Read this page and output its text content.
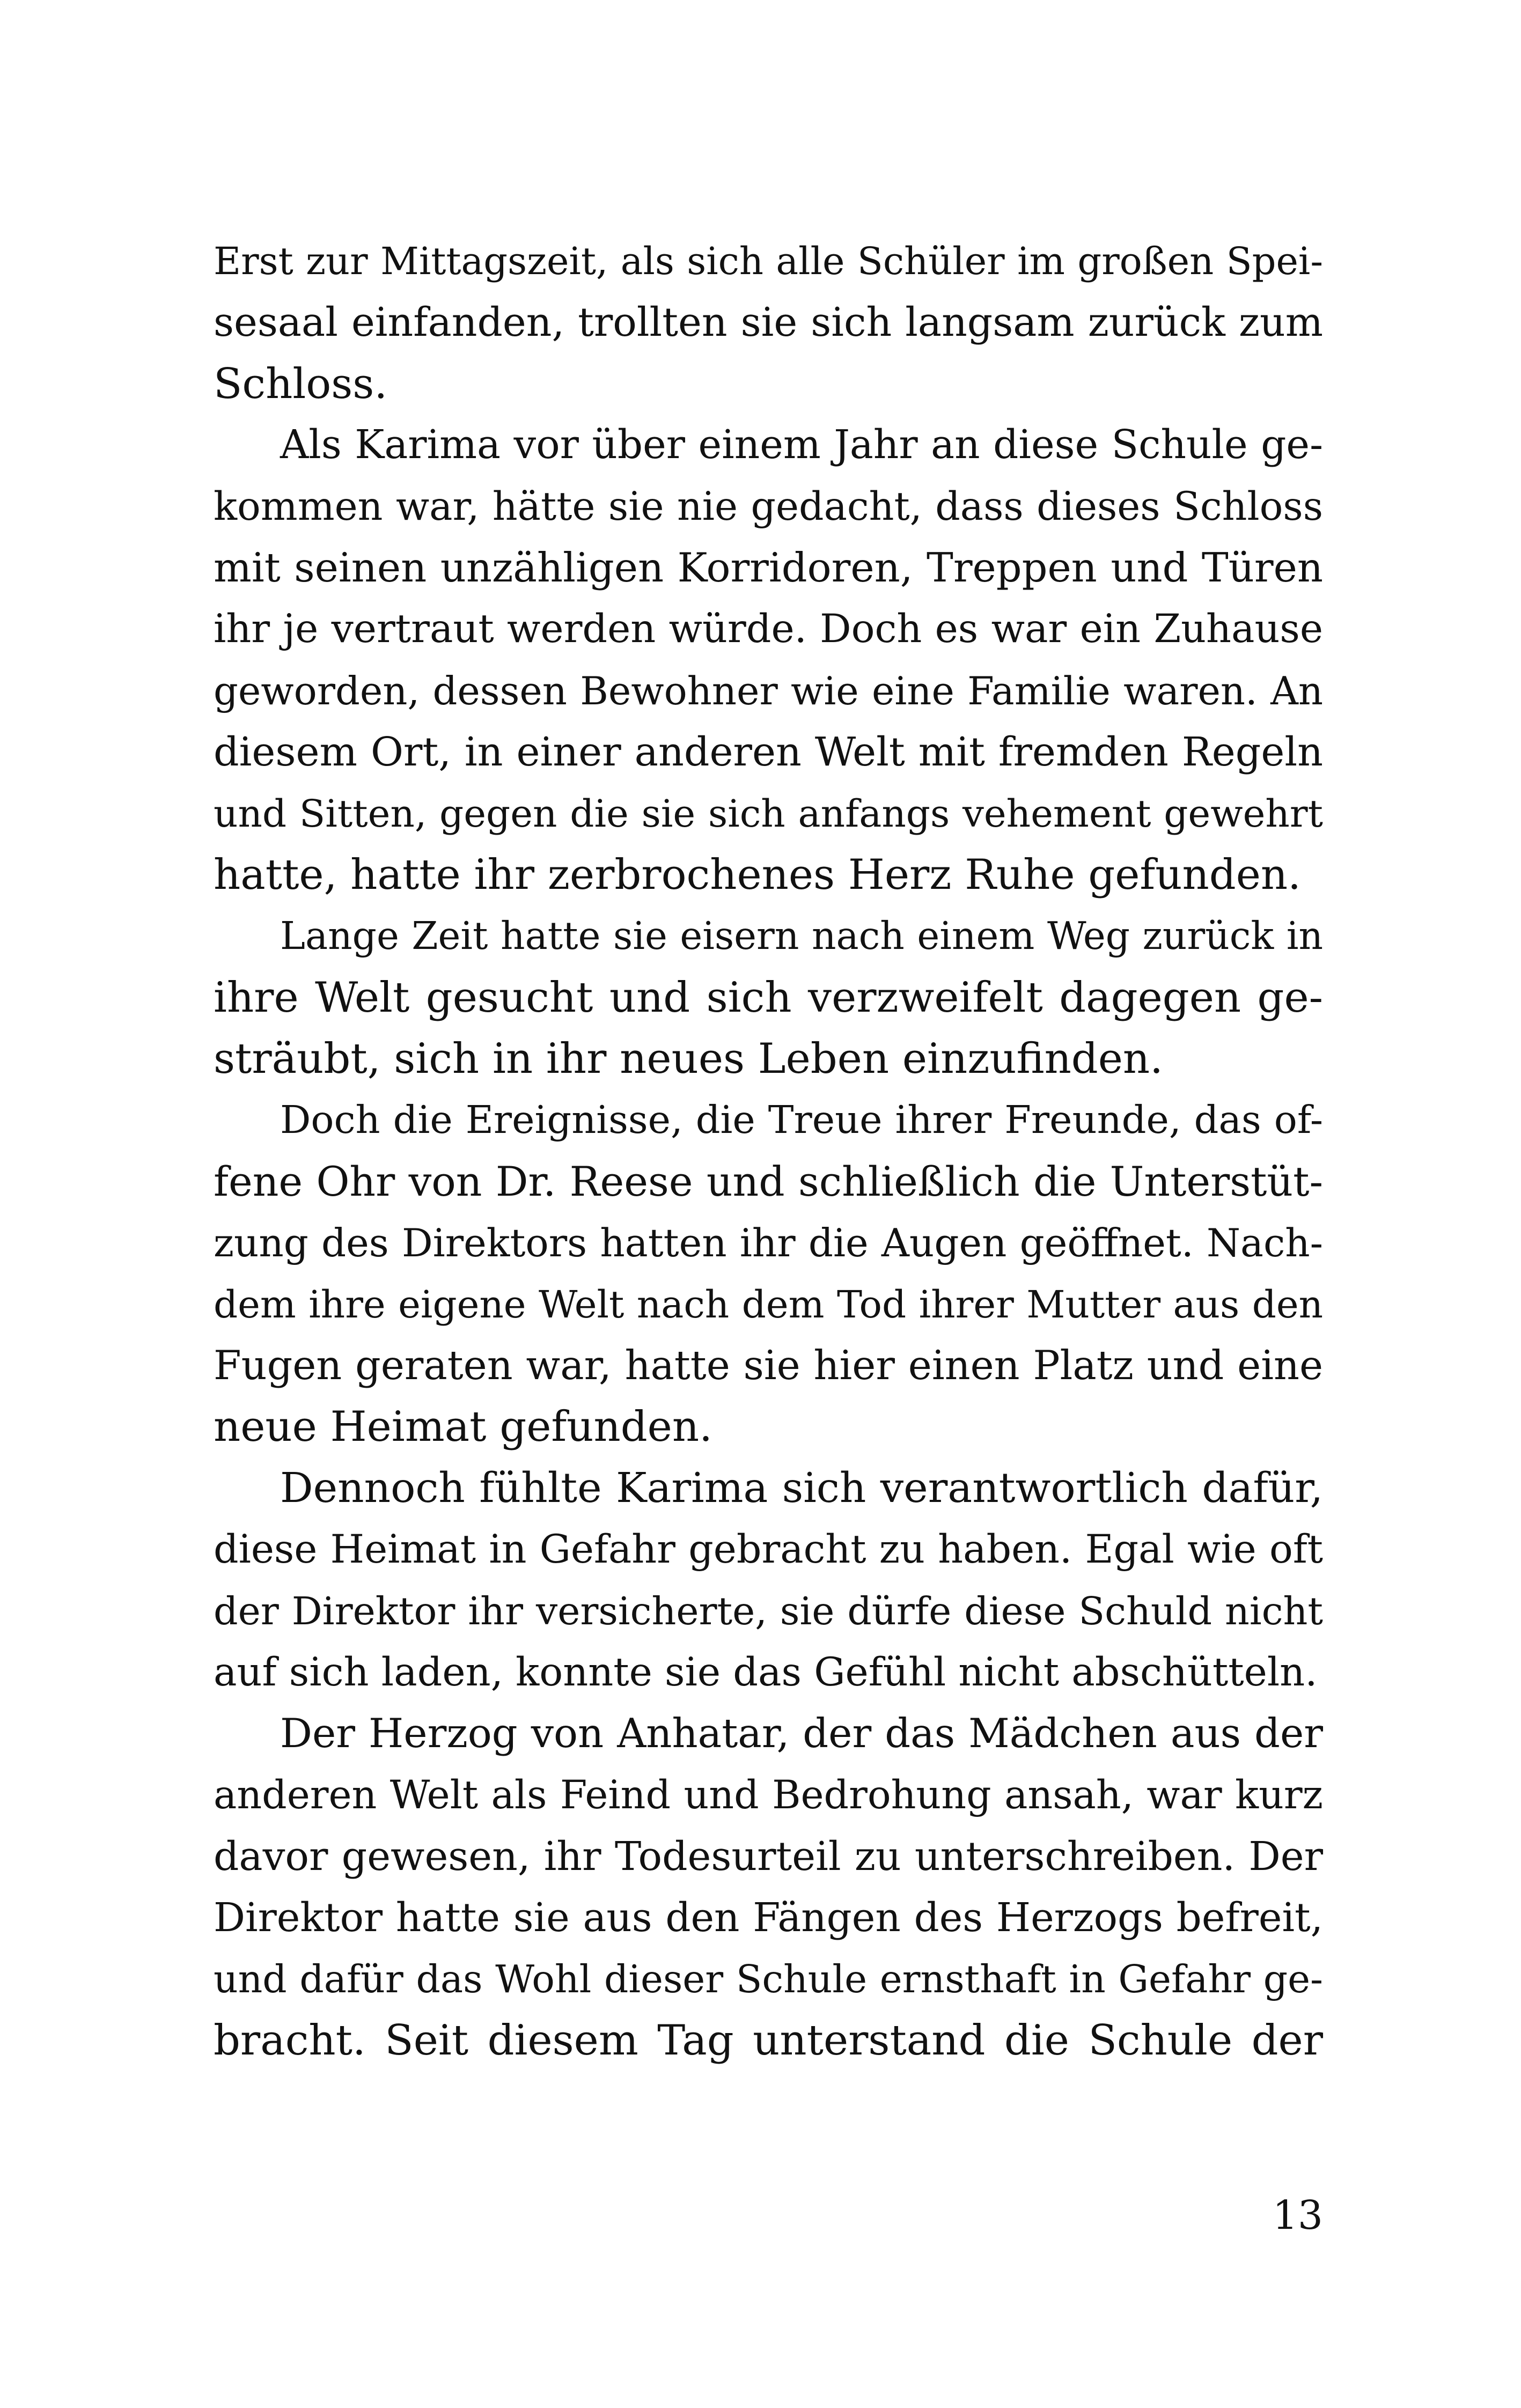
Erst zur Mittagszeit, als sich alle Schüler im großen Spei-
sesaal einfanden, trollten sie sich langsam zurück zum
Schloss.
Als Karima vor über einem Jahr an diese Schule ge-
kommen war, hätte sie nie gedacht, dass dieses Schloss
mit seinen unzähligen Korridoren, Treppen und Türen
ihr je vertraut werden würde. Doch es war ein Zuhause
geworden, dessen Bewohner wie eine Familie waren. An
diesem Ort, in einer anderen Welt mit fremden Regeln
und Sitten, gegen die sie sich anfangs vehement gewehrt
hatte, hatte ihr zerbrochenes Herz Ruhe gefunden.
Lange Zeit hatte sie eisern nach einem Weg zurück in
ihre Welt gesucht und sich verzweifelt dagegen ge-
sträubt, sich in ihr neues Leben einzufinden.
Doch die Ereignisse, die Treue ihrer Freunde, das of-
fene Ohr von Dr. Reese und schließlich die Unterstüt-
zung des Direktors hatten ihr die Augen geöffnet. Nach-
dem ihre eigene Welt nach dem Tod ihrer Mutter aus den
Fugen geraten war, hatte sie hier einen Platz und eine
neue Heimat gefunden.
Dennoch fühlte Karima sich verantwortlich dafür,
diese Heimat in Gefahr gebracht zu haben. Egal wie oft
der Direktor ihr versicherte, sie dürfe diese Schuld nicht
auf sich laden, konnte sie das Gefühl nicht abschütteln.
Der Herzog von Anhatar, der das Mädchen aus der
anderen Welt als Feind und Bedrohung ansah, war kurz
davor gewesen, ihr Todesurteil zu unterschreiben. Der
Direktor hatte sie aus den Fängen des Herzogs befreit,
und dafür das Wohl dieser Schule ernsthaft in Gefahr ge-
bracht. Seit diesem Tag unterstand die Schule der
13
